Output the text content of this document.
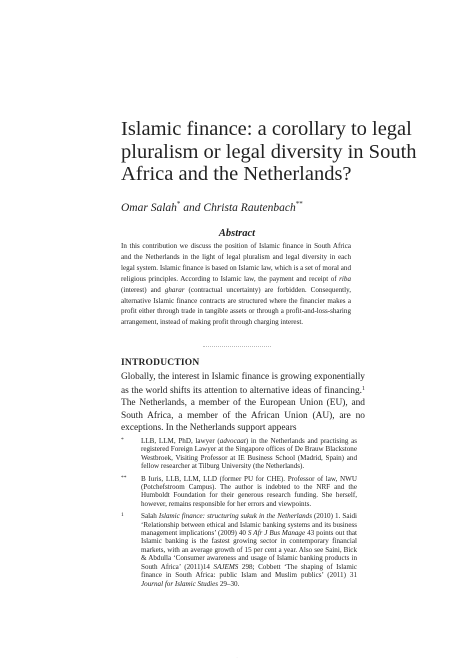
Islamic finance: a corollary to legal pluralism or legal diversity in South Africa and the Netherlands?
Omar Salah* and Christa Rautenbach**
Abstract

In this contribution we discuss the position of Islamic finance in South Africa and the Netherlands in the light of legal pluralism and legal diversity in each legal system. Islamic finance is based on Islamic law, which is a set of moral and religious principles. According to Islamic law, the payment and receipt of riba (interest) and gharar (contractual uncertainty) are forbidden. Consequently, alternative Islamic finance contracts are structured where the financier makes a profit either through trade in tangible assets or through a profit-and-loss-sharing arrangement, instead of making profit through charging interest.

INTRODUCTION

Globally, the interest in Islamic finance is growing exponentially as the world shifts its attention to alternative ideas of financing.$^1$ The Netherlands, a member of the European Union (EU), and South Africa, a member of the African Union (AU), are no exceptions. In the Netherlands support appears

*	LLB, LLM, PhD, lawyer (advocaat) in the Netherlands and practising as registered Foreign Lawyer at the Singapore offices of De Brauw Blackstone Westbroek, Visiting Professor at IE Business School (Madrid, Spain) and fellow researcher at Tilburg University (the Netherlands).
**	B Iuris, LLB, LLM, LLD (former PU for CHE). Professor of law, NWU (Potchefstroom Campus). The author is indebted to the NRF and the Humboldt Foundation for their generous research funding. She herself, however, remains responsible for her errors and viewpoints.
1	Salah Islamic finance: structuring sukuk in the Netherlands (2010) 1. Saidi ‘Relationship between ethical and Islamic banking systems and its business management implications’ (2009) 40 S Afr J Bus Manage 43 points out that Islamic banking is the fastest growing sector in contemporary financial markets, with an average growth of 15 per cent a year. Also see Saini, Bick & Abdulla ‘Consumer awareness and usage of Islamic banking products in South Africa’ (2011)14 SAJEMS 298; Cobbett ‘The shaping of Islamic finance in South Africa: public Islam and Muslim publics’ (2011) 31 Journal for Islamic Studies 29–30.
·
